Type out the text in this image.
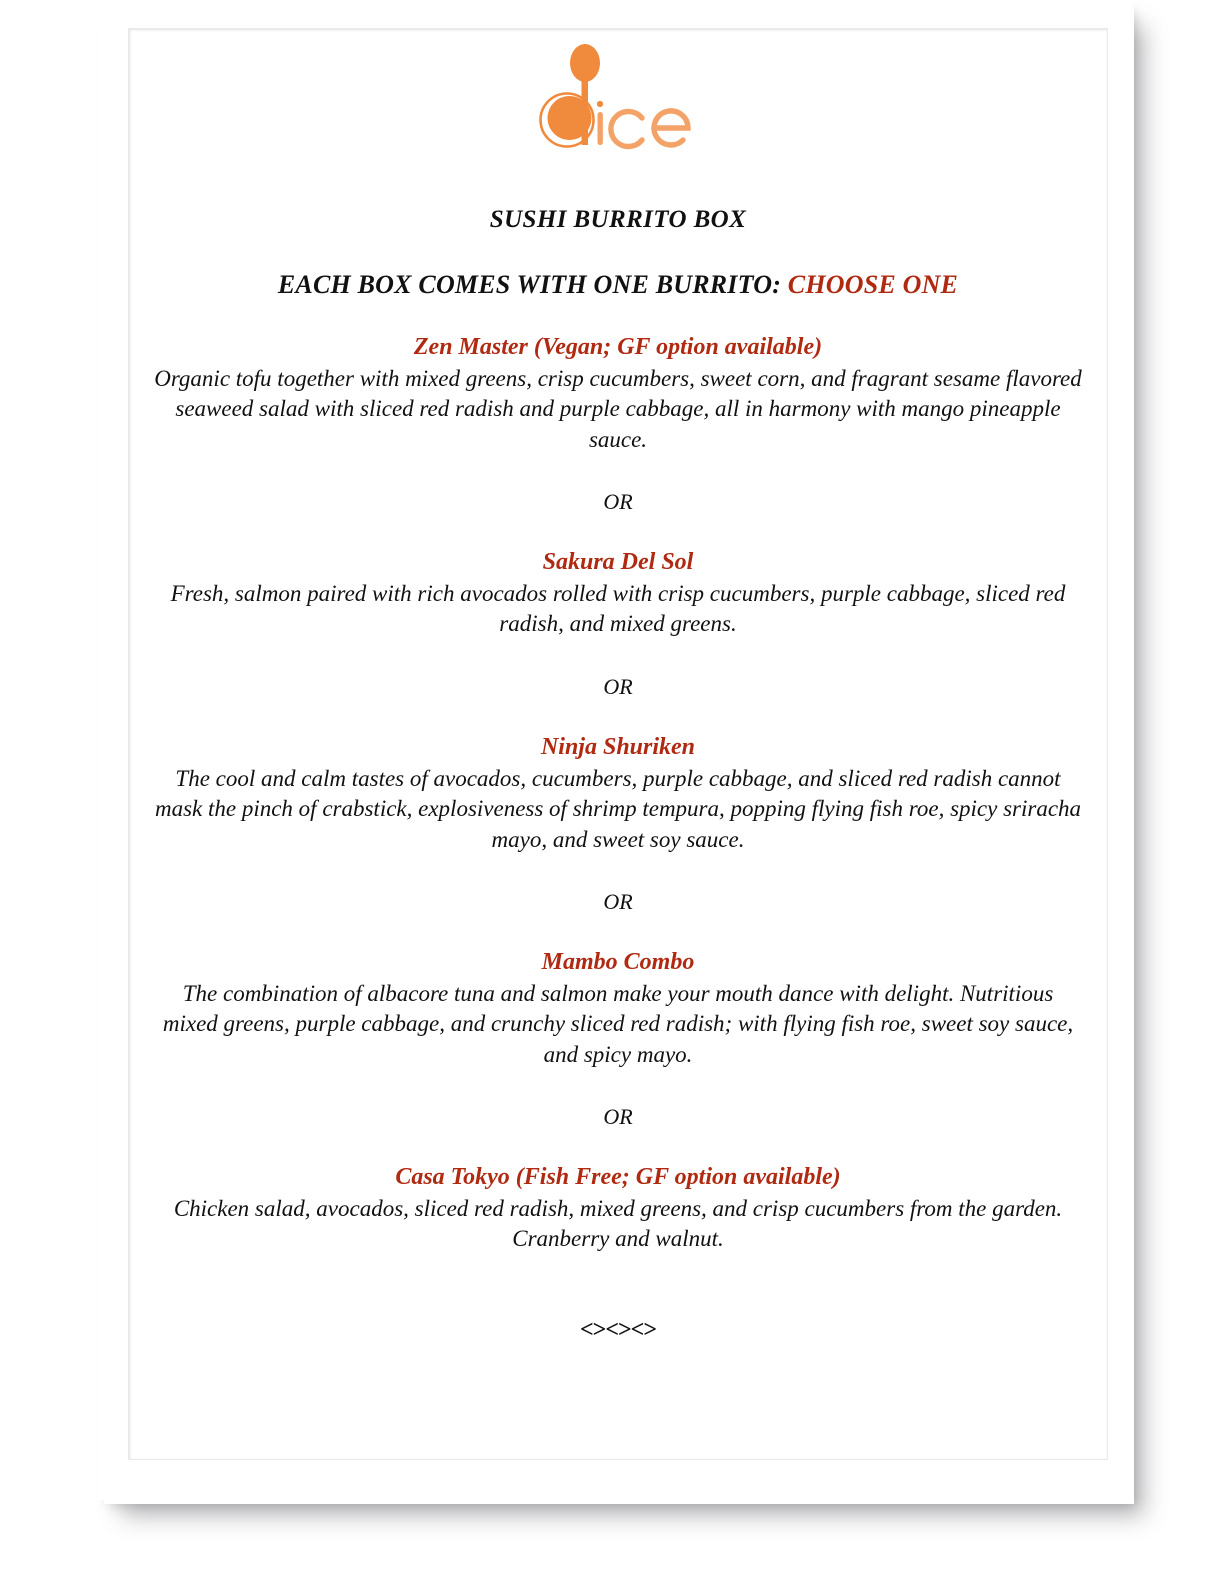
SUSHI BURRITO BOX
EACH BOX COMES WITH ONE BURRITO: CHOOSE ONE
Zen Master (Vegan; GF option available)
Organic tofu together with mixed greens, crisp cucumbers, sweet corn, and fragrant sesame flavored seaweed salad with sliced red radish and purple cabbage, all in harmony with mango pineapple sauce.
OR
Sakura Del Sol
Fresh, salmon paired with rich avocados rolled with crisp cucumbers, purple cabbage, sliced red radish, and mixed greens.
OR
Ninja Shuriken
The cool and calm tastes of avocados, cucumbers, purple cabbage, and sliced red radish cannot mask the pinch of crabstick, explosiveness of shrimp tempura, popping flying fish roe, spicy sriracha mayo, and sweet soy sauce.
OR
Mambo Combo
The combination of albacore tuna and salmon make your mouth dance with delight. Nutritious mixed greens, purple cabbage, and crunchy sliced red radish; with flying fish roe, sweet soy sauce, and spicy mayo.
OR
Casa Tokyo (Fish Free; GF option available)
Chicken salad, avocados, sliced red radish, mixed greens, and crisp cucumbers from the garden. Cranberry and walnut.
<><><>
